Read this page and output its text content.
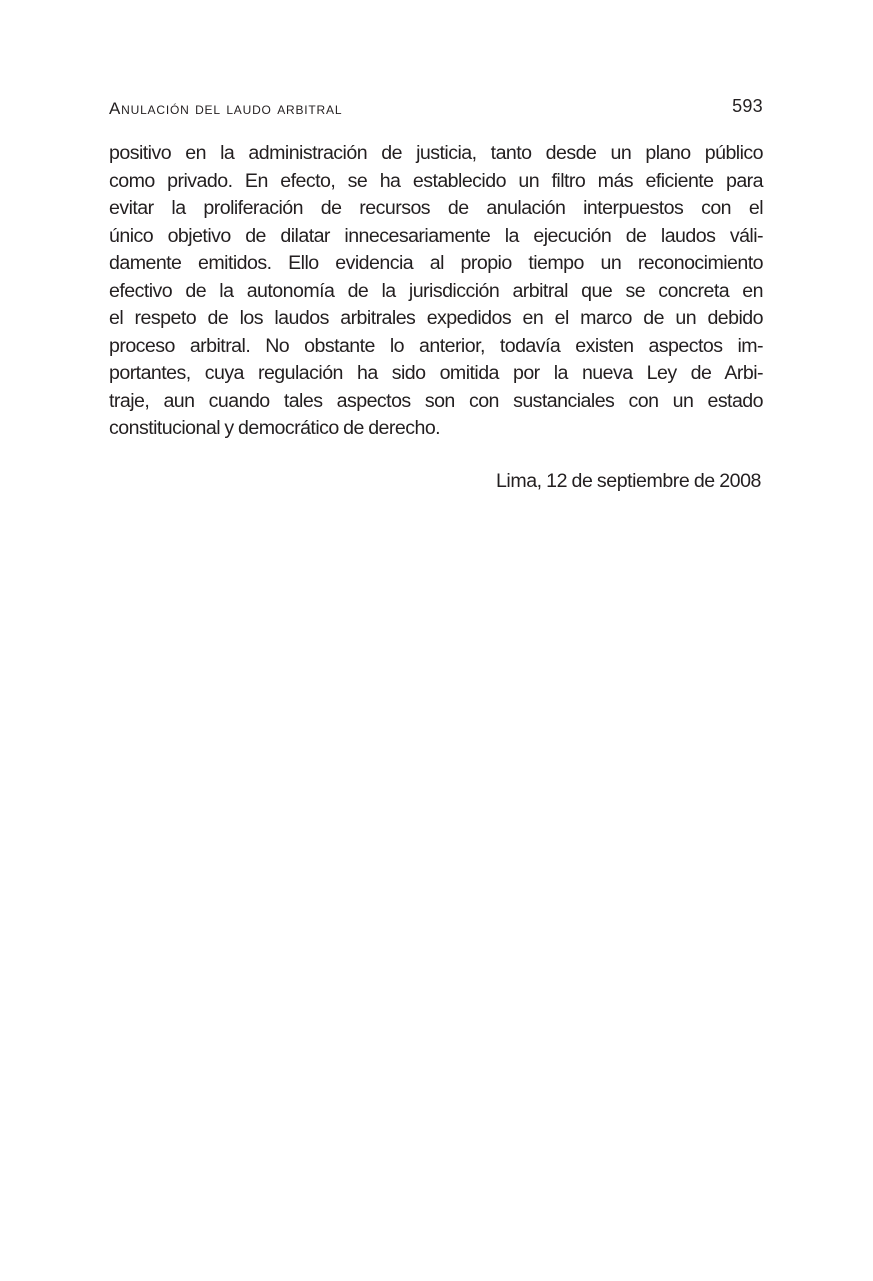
Anulación del laudo arbitral	593
positivo en la administración de justicia, tanto desde un plano público
como privado. En efecto, se ha establecido un filtro más eficiente para
evitar la proliferación de recursos de anulación interpuestos con el
único objetivo de dilatar innecesariamente la ejecución de laudos váli-
damente emitidos. Ello evidencia al propio tiempo un reconocimiento
efectivo de la autonomía de la jurisdicción arbitral que se concreta en
el respeto de los laudos arbitrales expedidos en el marco de un debido
proceso arbitral. No obstante lo anterior, todavía existen aspectos im-
portantes, cuya regulación ha sido omitida por la nueva Ley de Arbi-
traje, aun cuando tales aspectos son con sustanciales con un estado
constitucional y democrático de derecho.
Lima, 12 de septiembre de 2008
